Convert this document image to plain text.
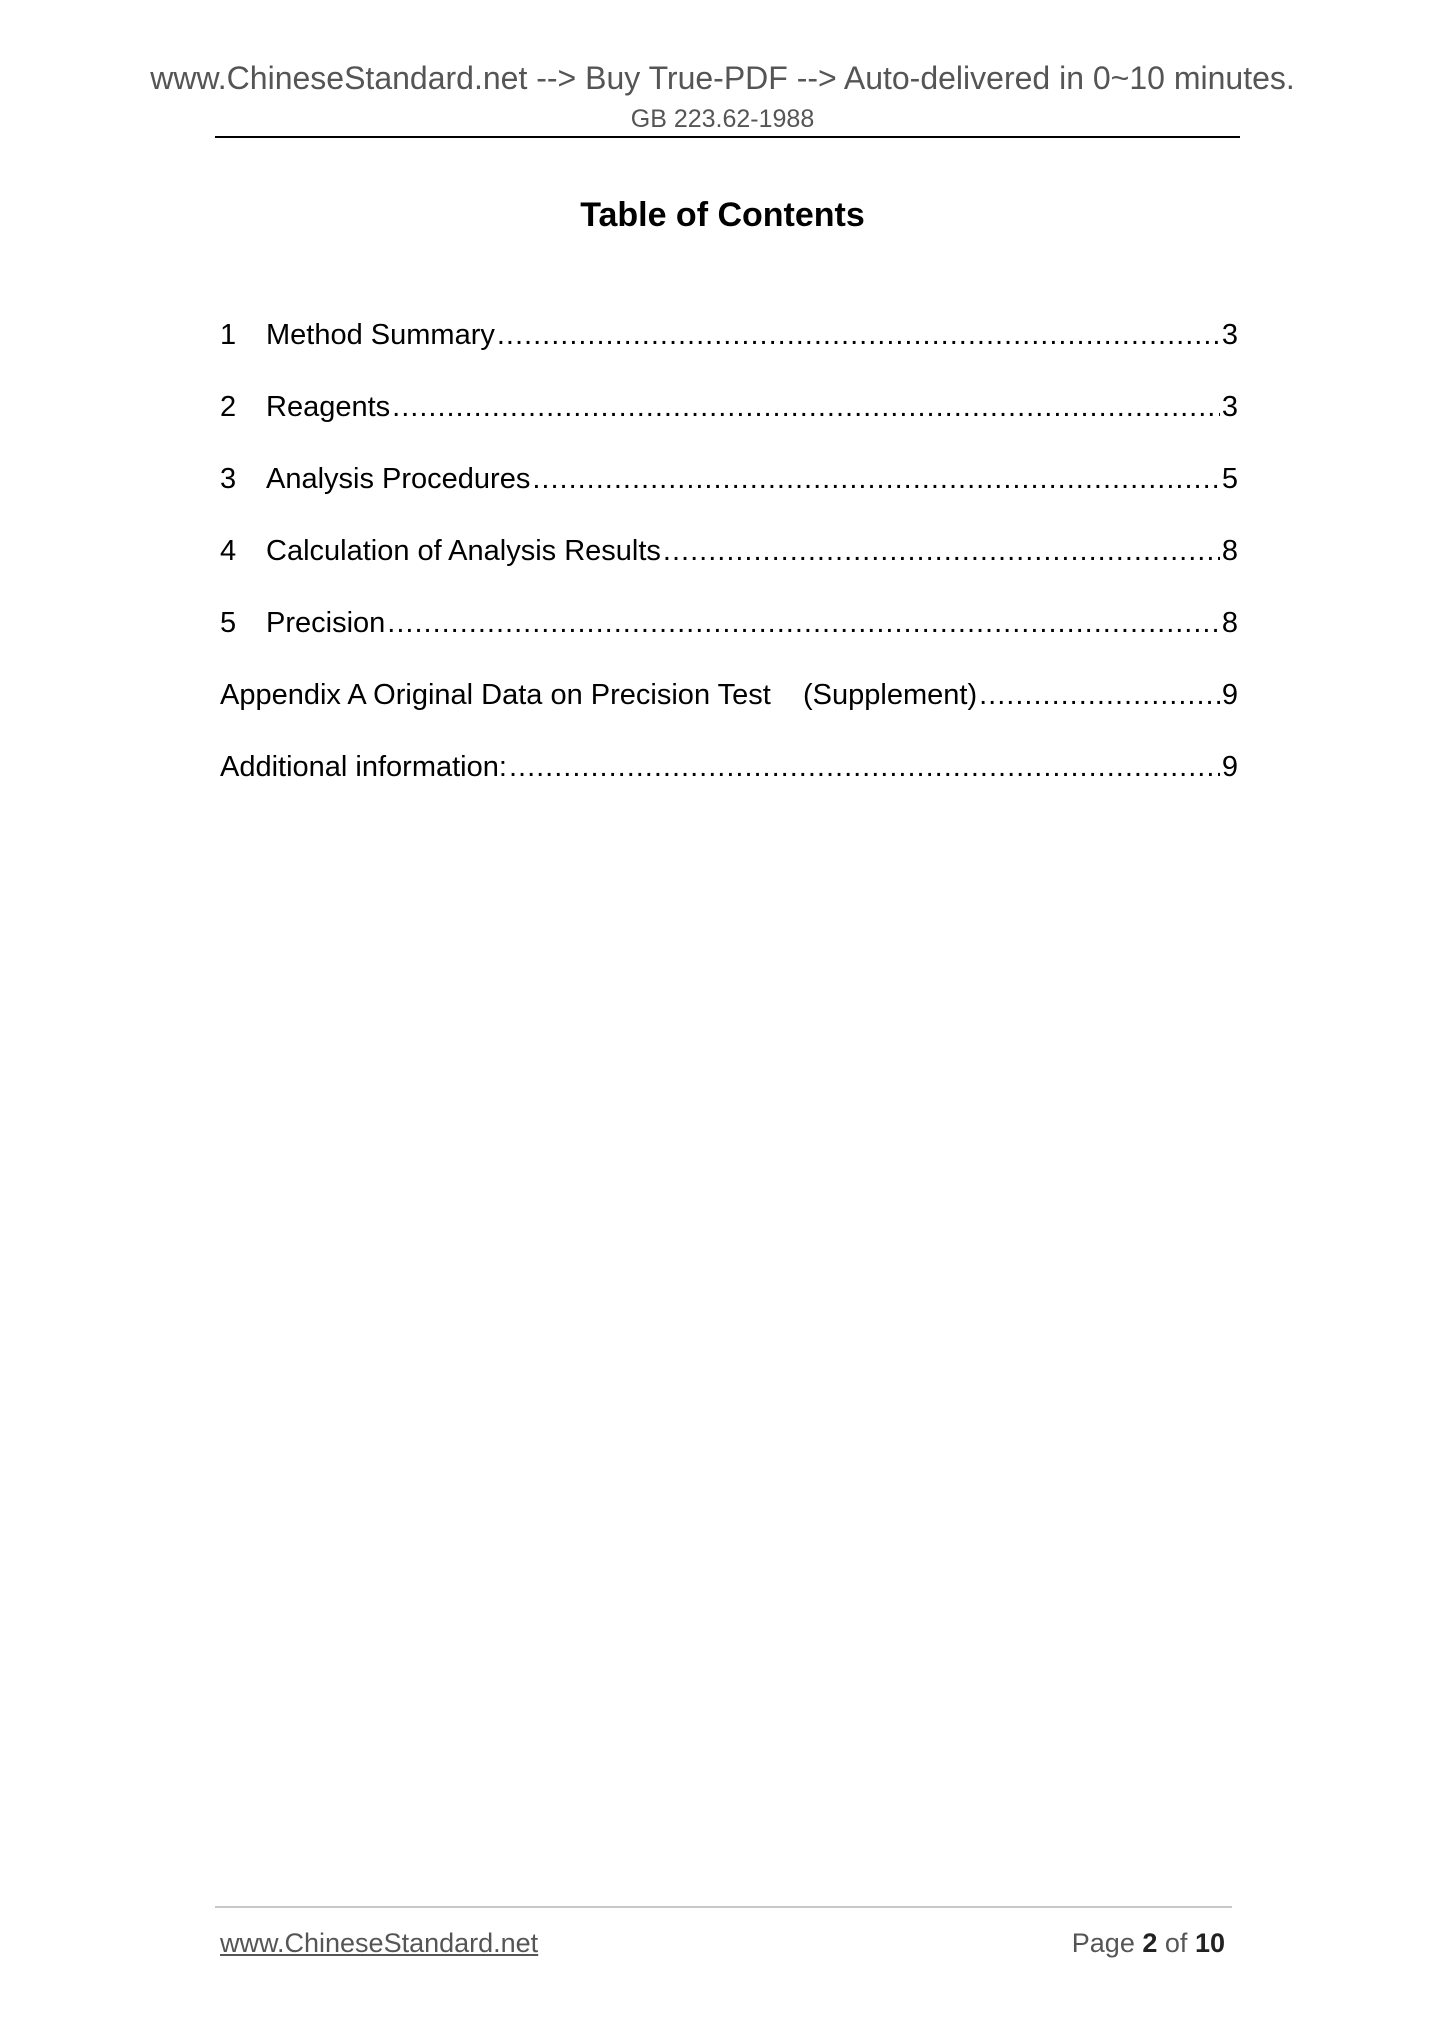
www.ChineseStandard.net --> Buy True-PDF --> Auto-delivered in 0~10 minutes.
GB 223.62-1988
Table of Contents
1	Method Summary .....	3
2	Reagents .....	3
3	Analysis Procedures .....	5
4	Calculation of Analysis Results .....	8
5	Precision .....	8
Appendix A Original Data on Precision Test    (Supplement) .....	9
Additional information: .....	9
www.ChineseStandard.net	Page 2 of 10
